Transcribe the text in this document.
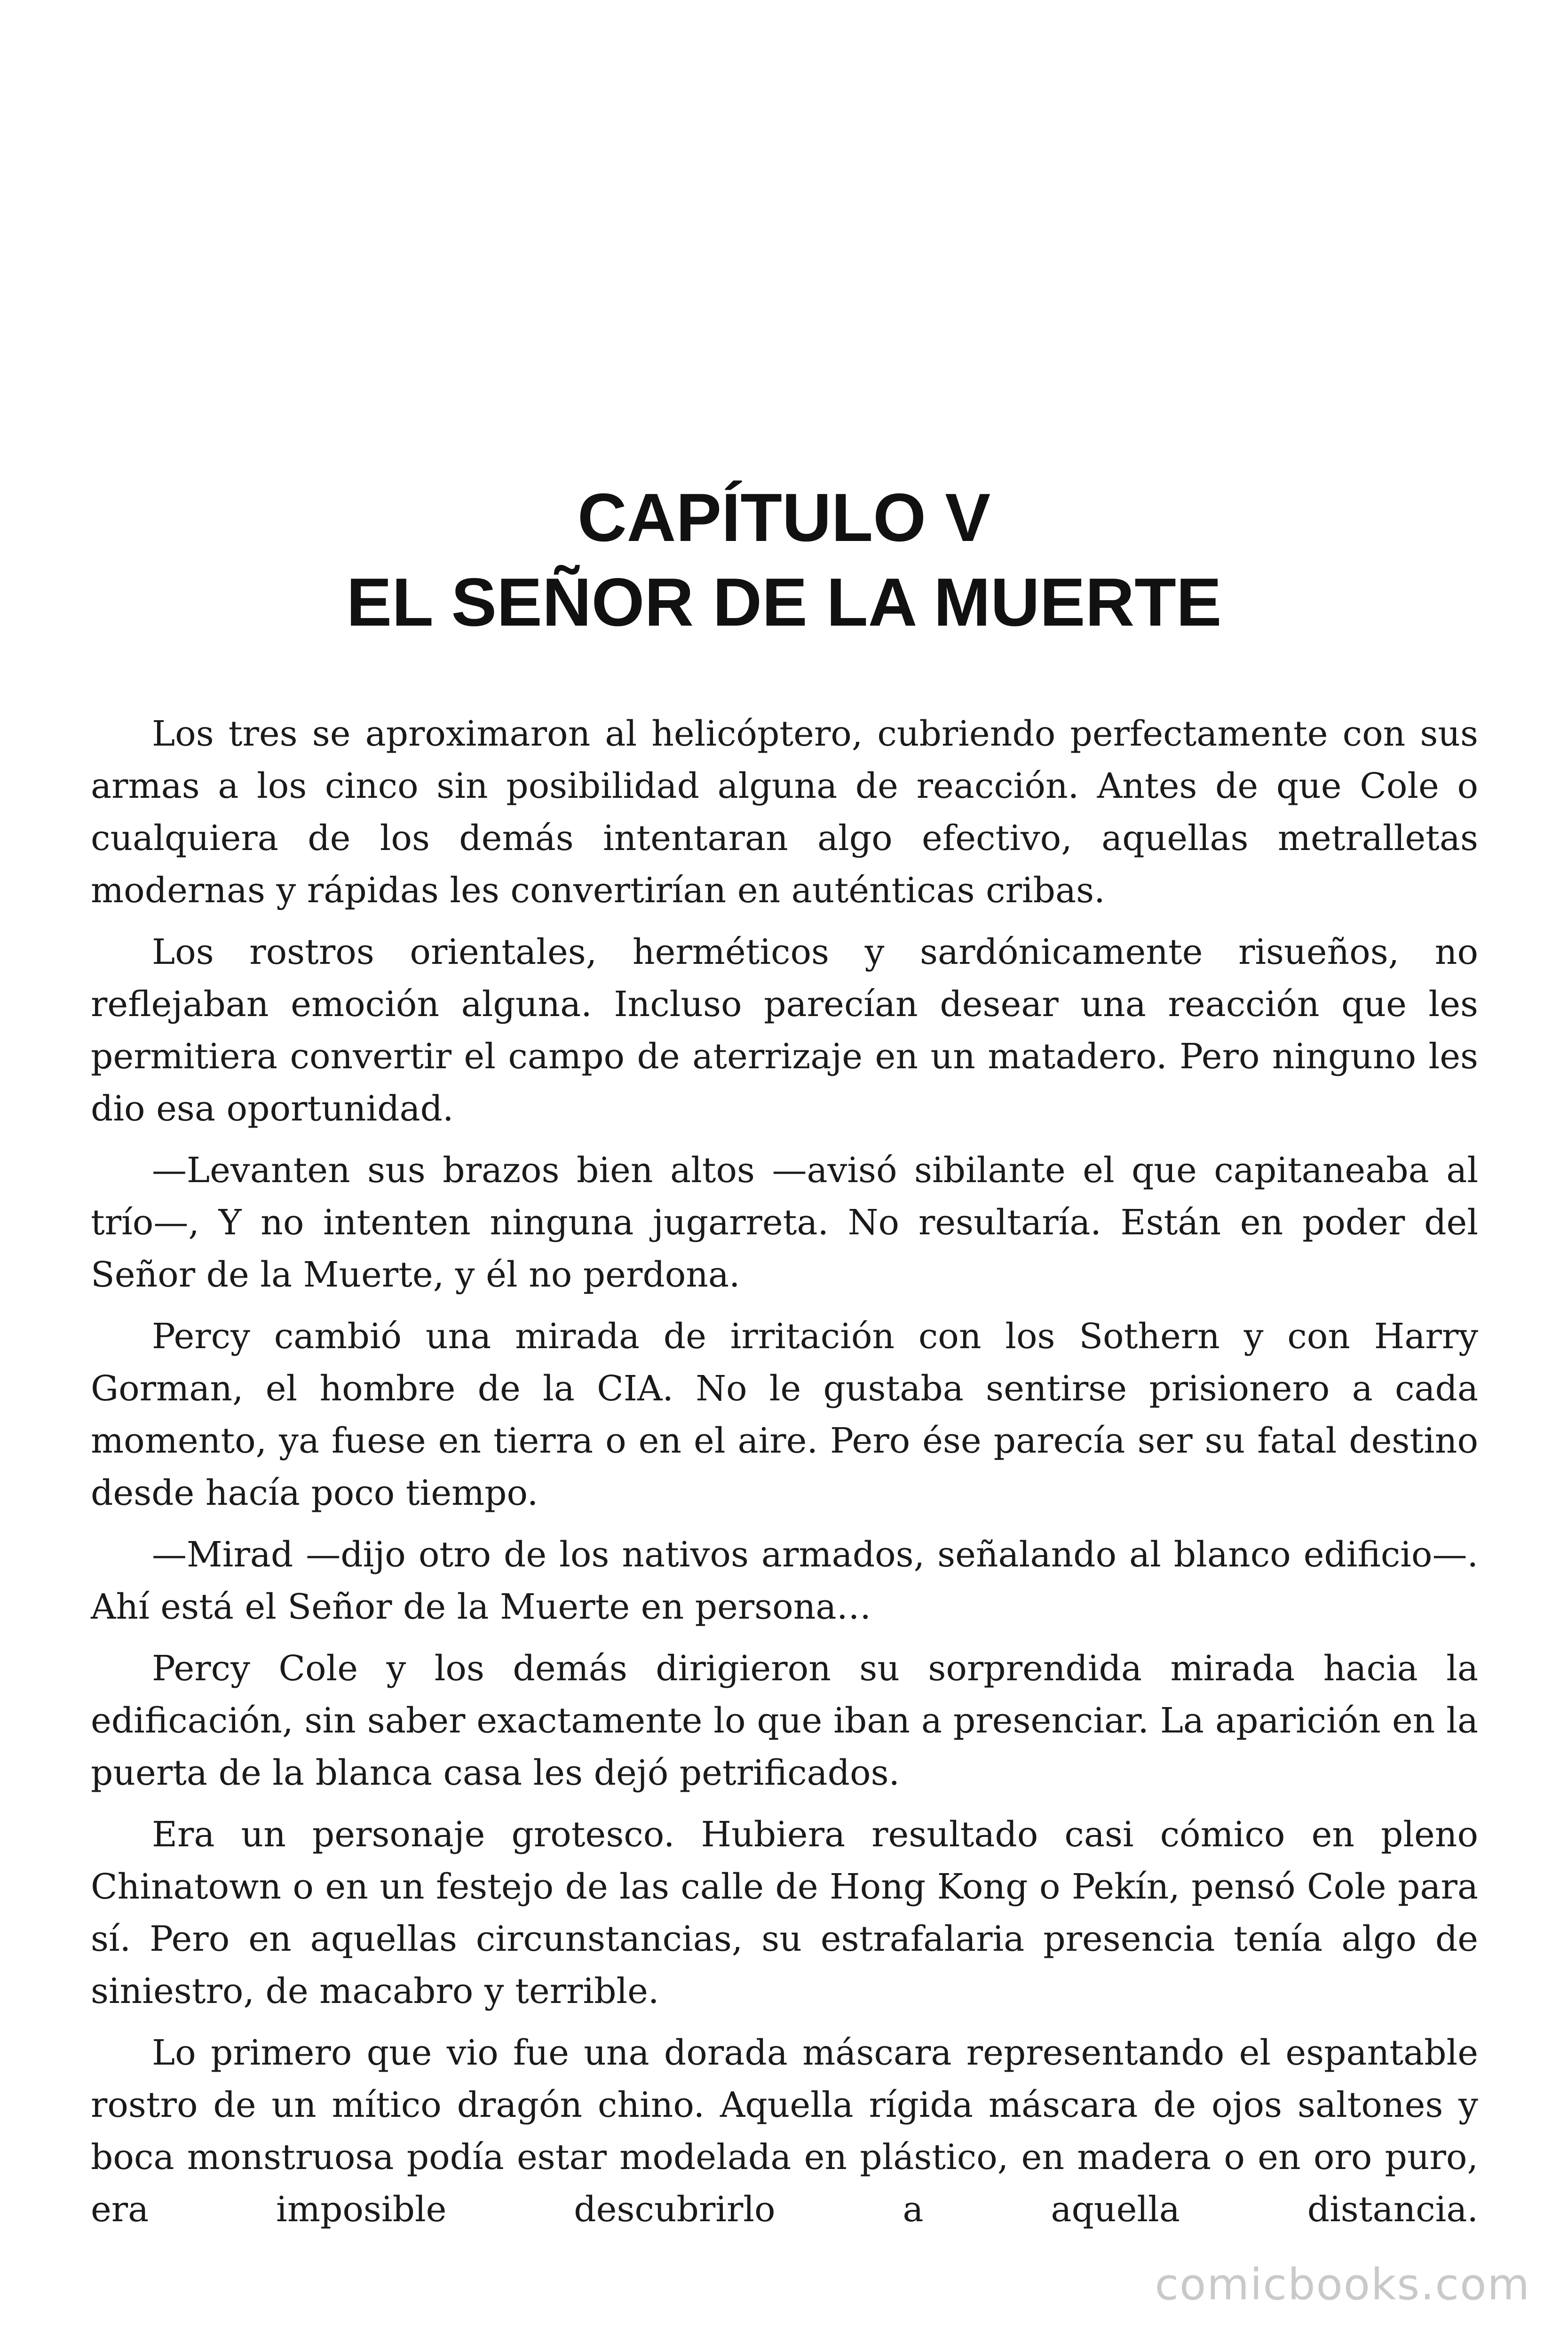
CAPÍTULO V
EL SEÑOR DE LA MUERTE

Los tres se aproximaron al helicóptero, cubriendo perfectamente con sus armas a los cinco sin posibilidad alguna de reacción. Antes de que Cole o cualquiera de los demás intentaran algo efectivo, aquellas metralletas modernas y rápidas les convertirían en auténticas cribas.

Los rostros orientales, herméticos y sardónicamente risueños, no reflejaban emoción alguna. Incluso parecían desear una reacción que les permitiera convertir el campo de aterrizaje en un matadero. Pero ninguno les dio esa oportunidad.

—Levanten sus brazos bien altos —avisó sibilante el que capitaneaba al trío—, Y no intenten ninguna jugarreta. No resultaría. Están en poder del Señor de la Muerte, y él no perdona.

Percy cambió una mirada de irritación con los Sothern y con Harry Gorman, el hombre de la CIA. No le gustaba sentirse prisionero a cada momento, ya fuese en tierra o en el aire. Pero ése parecía ser su fatal destino desde hacía poco tiempo.

—Mirad —dijo otro de los nativos armados, señalando al blanco edificio—. Ahí está el Señor de la Muerte en persona…

Percy Cole y los demás dirigieron su sorprendida mirada hacia la edificación, sin saber exactamente lo que iban a presenciar. La aparición en la puerta de la blanca casa les dejó petrificados.

Era un personaje grotesco. Hubiera resultado casi cómico en pleno Chinatown o en un festejo de las calle de Hong Kong o Pekín, pensó Cole para sí. Pero en aquellas circunstancias, su estrafalaria presencia tenía algo de siniestro, de macabro y terrible.

Lo primero que vio fue una dorada máscara representando el espantable rostro de un mítico dragón chino. Aquella rígida máscara de ojos saltones y boca monstruosa podía estar modelada en plástico, en madera o en oro puro, era imposible descubrirlo a aquella distancia.

comicbooks.com
